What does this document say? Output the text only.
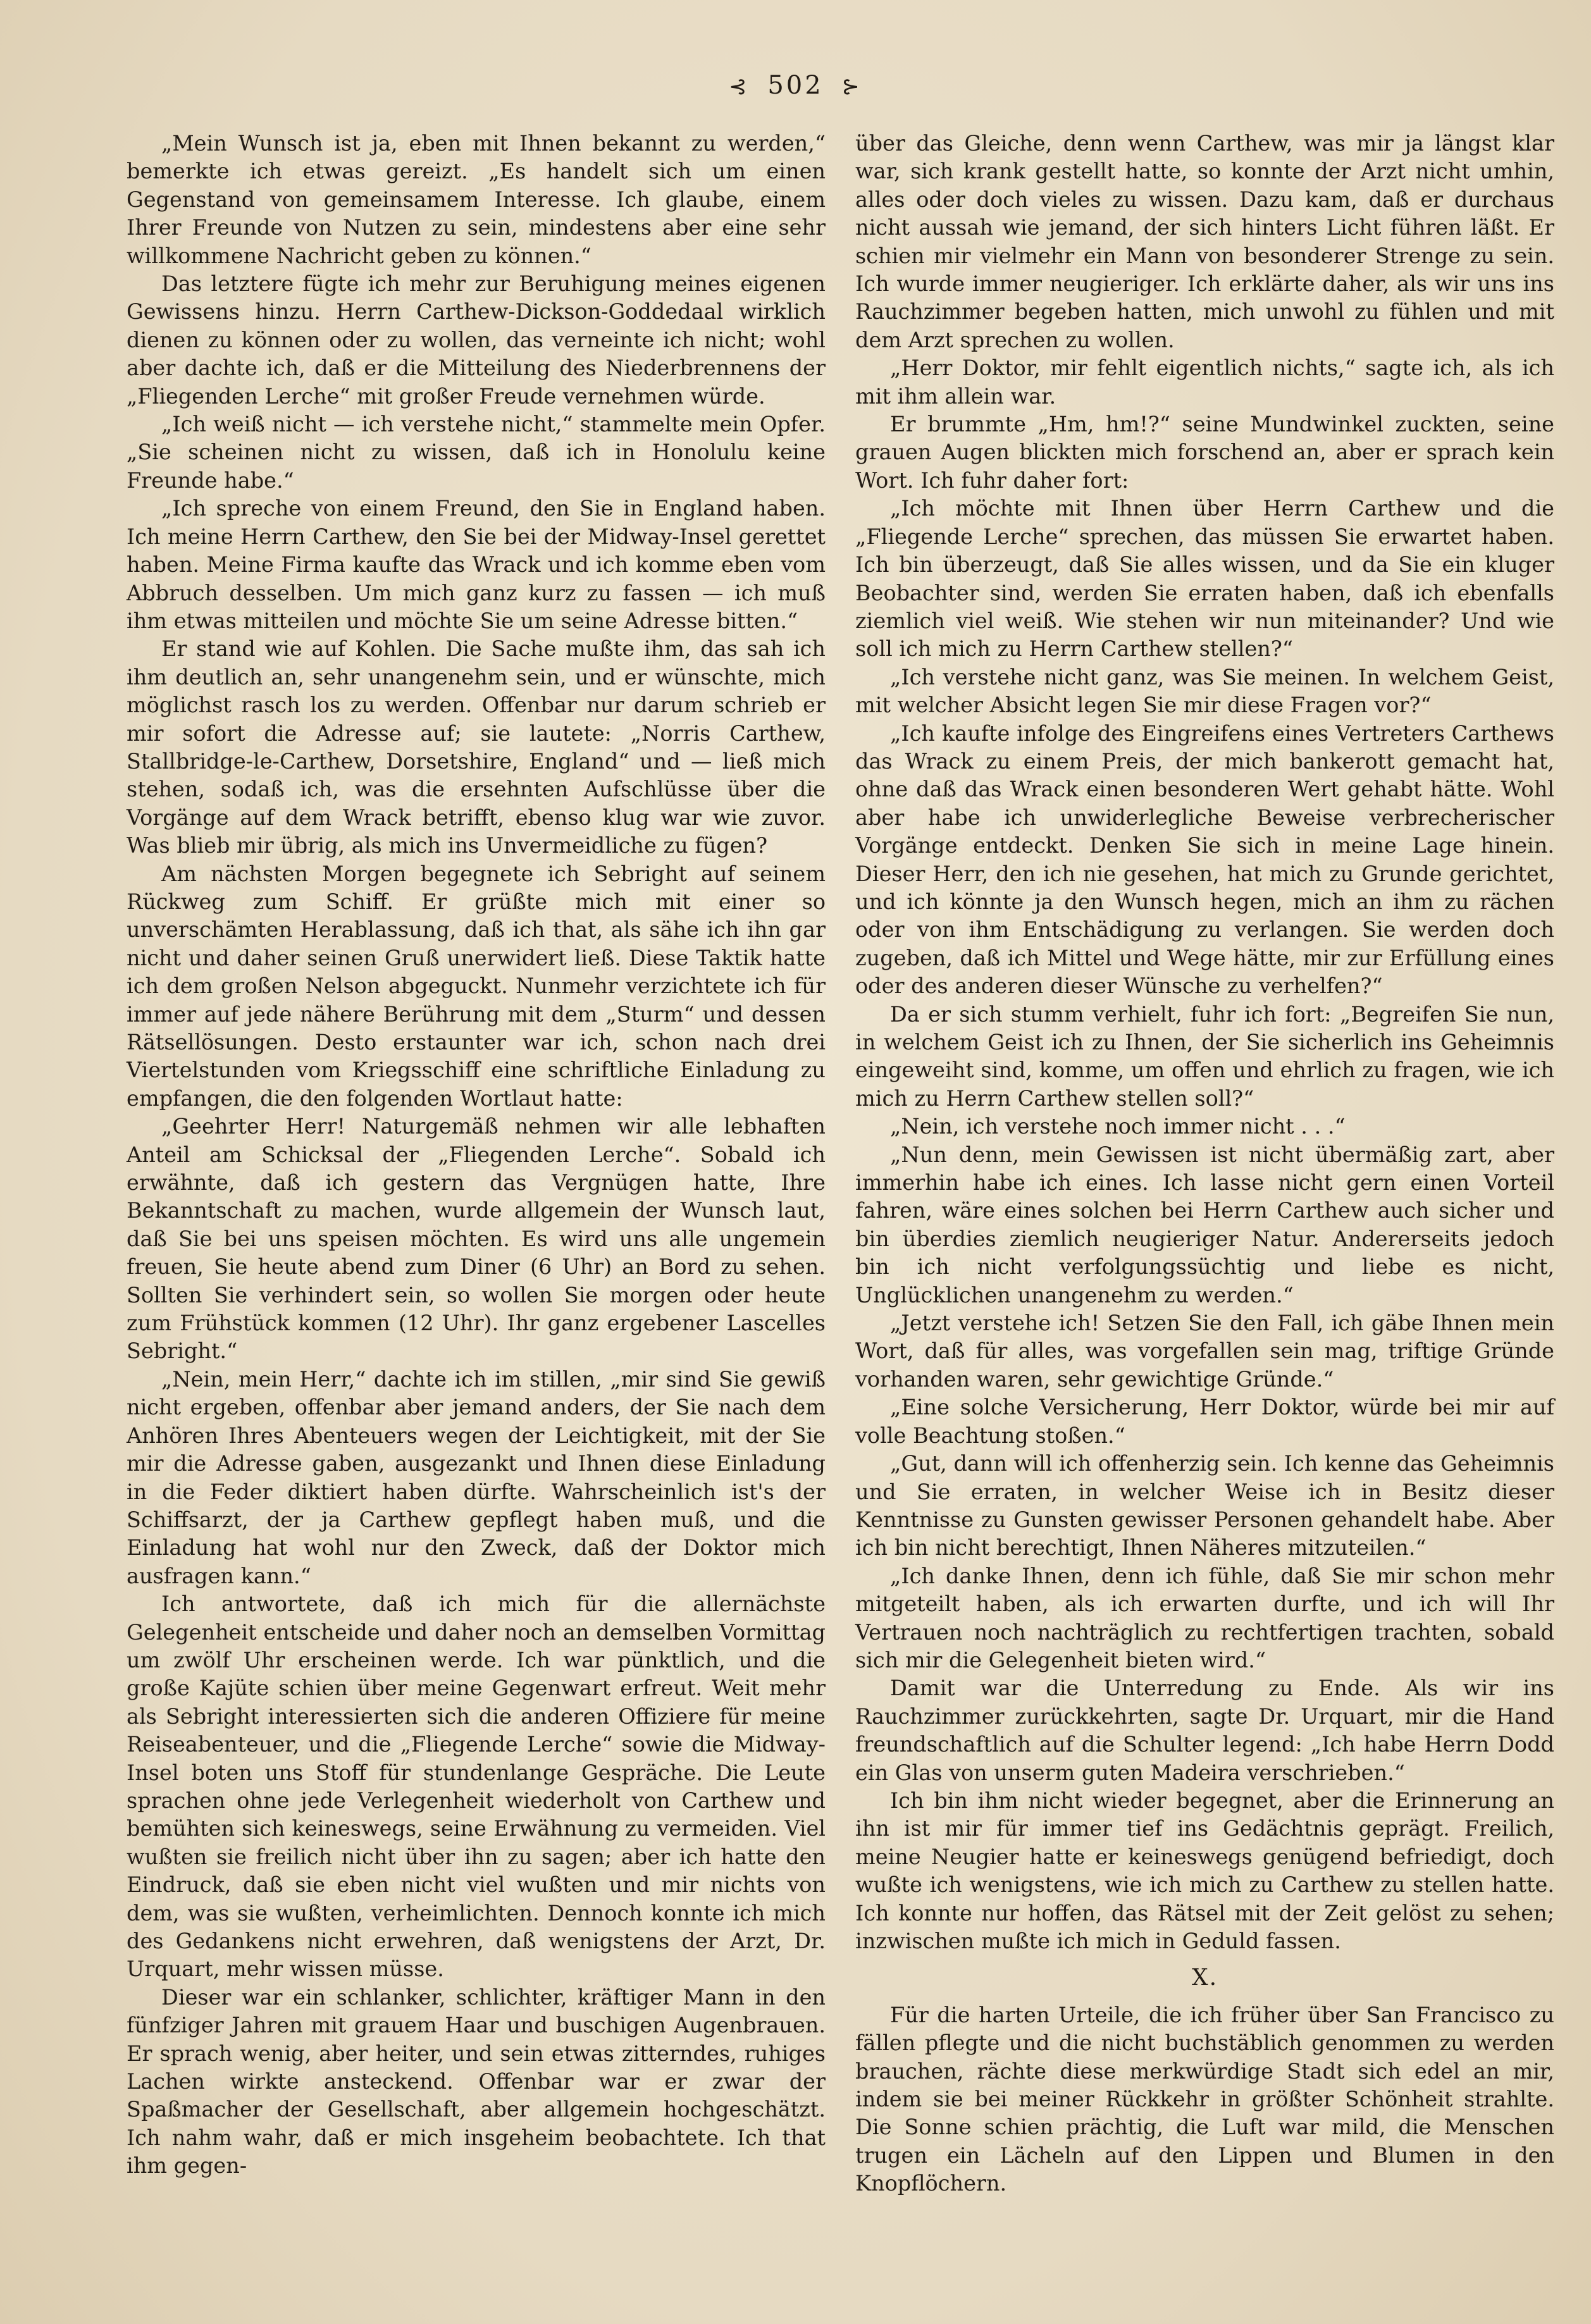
⊰ 502 ⊱

„Mein Wunsch ist ja, eben mit Ihnen bekannt zu werden,“ bemerkte ich etwas gereizt. „Es handelt sich um einen Gegenstand von gemeinsamem Interesse. Ich glaube, einem Ihrer Freunde von Nutzen zu sein, mindestens aber eine sehr willkommene Nachricht geben zu können.“

Das letztere fügte ich mehr zur Beruhigung meines eigenen Gewissens hinzu. Herrn Carthew-Dickson-Goddedaal wirklich dienen zu können oder zu wollen, das verneinte ich nicht; wohl aber dachte ich, daß er die Mitteilung des Niederbrennens der „Fliegenden Lerche“ mit großer Freude vernehmen würde.

„Ich weiß nicht — ich verstehe nicht,“ stammelte mein Opfer. „Sie scheinen nicht zu wissen, daß ich in Honolulu keine Freunde habe.“

„Ich spreche von einem Freund, den Sie in England haben. Ich meine Herrn Carthew, den Sie bei der Midway-Insel gerettet haben. Meine Firma kaufte das Wrack und ich komme eben vom Abbruch desselben. Um mich ganz kurz zu fassen — ich muß ihm etwas mitteilen und möchte Sie um seine Adresse bitten.“

Er stand wie auf Kohlen. Die Sache mußte ihm, das sah ich ihm deutlich an, sehr unangenehm sein, und er wünschte, mich möglichst rasch los zu werden. Offenbar nur darum schrieb er mir sofort die Adresse auf; sie lautete: „Norris Carthew, Stallbridge-le-Carthew, Dorsetshire, England“ und — ließ mich stehen, sodaß ich, was die ersehnten Aufschlüsse über die Vorgänge auf dem Wrack betrifft, ebenso klug war wie zuvor. Was blieb mir übrig, als mich ins Unvermeidliche zu fügen?

Am nächsten Morgen begegnete ich Sebright auf seinem Rückweg zum Schiff. Er grüßte mich mit einer so unverschämten Herablassung, daß ich that, als sähe ich ihn gar nicht und daher seinen Gruß unerwidert ließ. Diese Taktik hatte ich dem großen Nelson abgeguckt. Nunmehr verzichtete ich für immer auf jede nähere Berührung mit dem „Sturm“ und dessen Rätsellösungen. Desto erstaunter war ich, schon nach drei Viertelstunden vom Kriegsschiff eine schriftliche Einladung zu empfangen, die den folgenden Wortlaut hatte:

„Geehrter Herr! Naturgemäß nehmen wir alle lebhaften Anteil am Schicksal der „Fliegenden Lerche“. Sobald ich erwähnte, daß ich gestern das Vergnügen hatte, Ihre Bekanntschaft zu machen, wurde allgemein der Wunsch laut, daß Sie bei uns speisen möchten. Es wird uns alle ungemein freuen, Sie heute abend zum Diner (6 Uhr) an Bord zu sehen. Sollten Sie verhindert sein, so wollen Sie morgen oder heute zum Frühstück kommen (12 Uhr). Ihr ganz ergebener Lascelles Sebright.“

„Nein, mein Herr,“ dachte ich im stillen, „mir sind Sie gewiß nicht ergeben, offenbar aber jemand anders, der Sie nach dem Anhören Ihres Abenteuers wegen der Leichtigkeit, mit der Sie mir die Adresse gaben, ausgezankt und Ihnen diese Einladung in die Feder diktiert haben dürfte. Wahrscheinlich ist's der Schiffsarzt, der ja Carthew gepflegt haben muß, und die Einladung hat wohl nur den Zweck, daß der Doktor mich ausfragen kann.“

Ich antwortete, daß ich mich für die allernächste Gelegenheit entscheide und daher noch an demselben Vormittag um zwölf Uhr erscheinen werde. Ich war pünktlich, und die große Kajüte schien über meine Gegenwart erfreut. Weit mehr als Sebright interessierten sich die anderen Offiziere für meine Reiseabenteuer, und die „Fliegende Lerche“ sowie die Midway-Insel boten uns Stoff für stundenlange Gespräche. Die Leute sprachen ohne jede Verlegenheit wiederholt von Carthew und bemühten sich keineswegs, seine Erwähnung zu vermeiden. Viel wußten sie freilich nicht über ihn zu sagen; aber ich hatte den Eindruck, daß sie eben nicht viel wußten und mir nichts von dem, was sie wußten, verheimlichten. Dennoch konnte ich mich des Gedankens nicht erwehren, daß wenigstens der Arzt, Dr. Urquart, mehr wissen müsse.

Dieser war ein schlanker, schlichter, kräftiger Mann in den fünfziger Jahren mit grauem Haar und buschigen Augenbrauen. Er sprach wenig, aber heiter, und sein etwas zitterndes, ruhiges Lachen wirkte ansteckend. Offenbar war er zwar der Spaßmacher der Gesellschaft, aber allgemein hochgeschätzt. Ich nahm wahr, daß er mich insgeheim beobachtete. Ich that ihm gegen-

über das Gleiche, denn wenn Carthew, was mir ja längst klar war, sich krank gestellt hatte, so konnte der Arzt nicht umhin, alles oder doch vieles zu wissen. Dazu kam, daß er durchaus nicht aussah wie jemand, der sich hinters Licht führen läßt. Er schien mir vielmehr ein Mann von besonderer Strenge zu sein. Ich wurde immer neugieriger. Ich erklärte daher, als wir uns ins Rauchzimmer begeben hatten, mich unwohl zu fühlen und mit dem Arzt sprechen zu wollen.

„Herr Doktor, mir fehlt eigentlich nichts,“ sagte ich, als ich mit ihm allein war.

Er brummte „Hm, hm!?“ seine Mundwinkel zuckten, seine grauen Augen blickten mich forschend an, aber er sprach kein Wort. Ich fuhr daher fort:

„Ich möchte mit Ihnen über Herrn Carthew und die „Fliegende Lerche“ sprechen, das müssen Sie erwartet haben. Ich bin überzeugt, daß Sie alles wissen, und da Sie ein kluger Beobachter sind, werden Sie erraten haben, daß ich ebenfalls ziemlich viel weiß. Wie stehen wir nun miteinander? Und wie soll ich mich zu Herrn Carthew stellen?“

„Ich verstehe nicht ganz, was Sie meinen. In welchem Geist, mit welcher Absicht legen Sie mir diese Fragen vor?“

„Ich kaufte infolge des Eingreifens eines Vertreters Carthews das Wrack zu einem Preis, der mich bankerott gemacht hat, ohne daß das Wrack einen besonderen Wert gehabt hätte. Wohl aber habe ich unwiderlegliche Beweise verbrecherischer Vorgänge entdeckt. Denken Sie sich in meine Lage hinein. Dieser Herr, den ich nie gesehen, hat mich zu Grunde gerichtet, und ich könnte ja den Wunsch hegen, mich an ihm zu rächen oder von ihm Entschädigung zu verlangen. Sie werden doch zugeben, daß ich Mittel und Wege hätte, mir zur Erfüllung eines oder des anderen dieser Wünsche zu verhelfen?“

Da er sich stumm verhielt, fuhr ich fort: „Begreifen Sie nun, in welchem Geist ich zu Ihnen, der Sie sicherlich ins Geheimnis eingeweiht sind, komme, um offen und ehrlich zu fragen, wie ich mich zu Herrn Carthew stellen soll?“

„Nein, ich verstehe noch immer nicht . . .“

„Nun denn, mein Gewissen ist nicht übermäßig zart, aber immerhin habe ich eines. Ich lasse nicht gern einen Vorteil fahren, wäre eines solchen bei Herrn Carthew auch sicher und bin überdies ziemlich neugieriger Natur. Andererseits jedoch bin ich nicht verfolgungssüchtig und liebe es nicht, Unglücklichen unangenehm zu werden.“

„Jetzt verstehe ich! Setzen Sie den Fall, ich gäbe Ihnen mein Wort, daß für alles, was vorgefallen sein mag, triftige Gründe vorhanden waren, sehr gewichtige Gründe.“

„Eine solche Versicherung, Herr Doktor, würde bei mir auf volle Beachtung stoßen.“

„Gut, dann will ich offenherzig sein. Ich kenne das Geheimnis und Sie erraten, in welcher Weise ich in Besitz dieser Kenntnisse zu Gunsten gewisser Personen gehandelt habe. Aber ich bin nicht berechtigt, Ihnen Näheres mitzuteilen.“

„Ich danke Ihnen, denn ich fühle, daß Sie mir schon mehr mitgeteilt haben, als ich erwarten durfte, und ich will Ihr Vertrauen noch nachträglich zu rechtfertigen trachten, sobald sich mir die Gelegenheit bieten wird.“

Damit war die Unterredung zu Ende. Als wir ins Rauchzimmer zurückkehrten, sagte Dr. Urquart, mir die Hand freundschaftlich auf die Schulter legend: „Ich habe Herrn Dodd ein Glas von unserm guten Madeira verschrieben.“

Ich bin ihm nicht wieder begegnet, aber die Erinnerung an ihn ist mir für immer tief ins Gedächtnis geprägt. Freilich, meine Neugier hatte er keineswegs genügend befriedigt, doch wußte ich wenigstens, wie ich mich zu Carthew zu stellen hatte. Ich konnte nur hoffen, das Rätsel mit der Zeit gelöst zu sehen; inzwischen mußte ich mich in Geduld fassen.

X.

Für die harten Urteile, die ich früher über San Francisco zu fällen pflegte und die nicht buchstäblich genommen zu werden brauchen, rächte diese merkwürdige Stadt sich edel an mir, indem sie bei meiner Rückkehr in größter Schönheit strahlte. Die Sonne schien prächtig, die Luft war mild, die Menschen trugen ein Lächeln auf den Lippen und Blumen in den Knopflöchern.
